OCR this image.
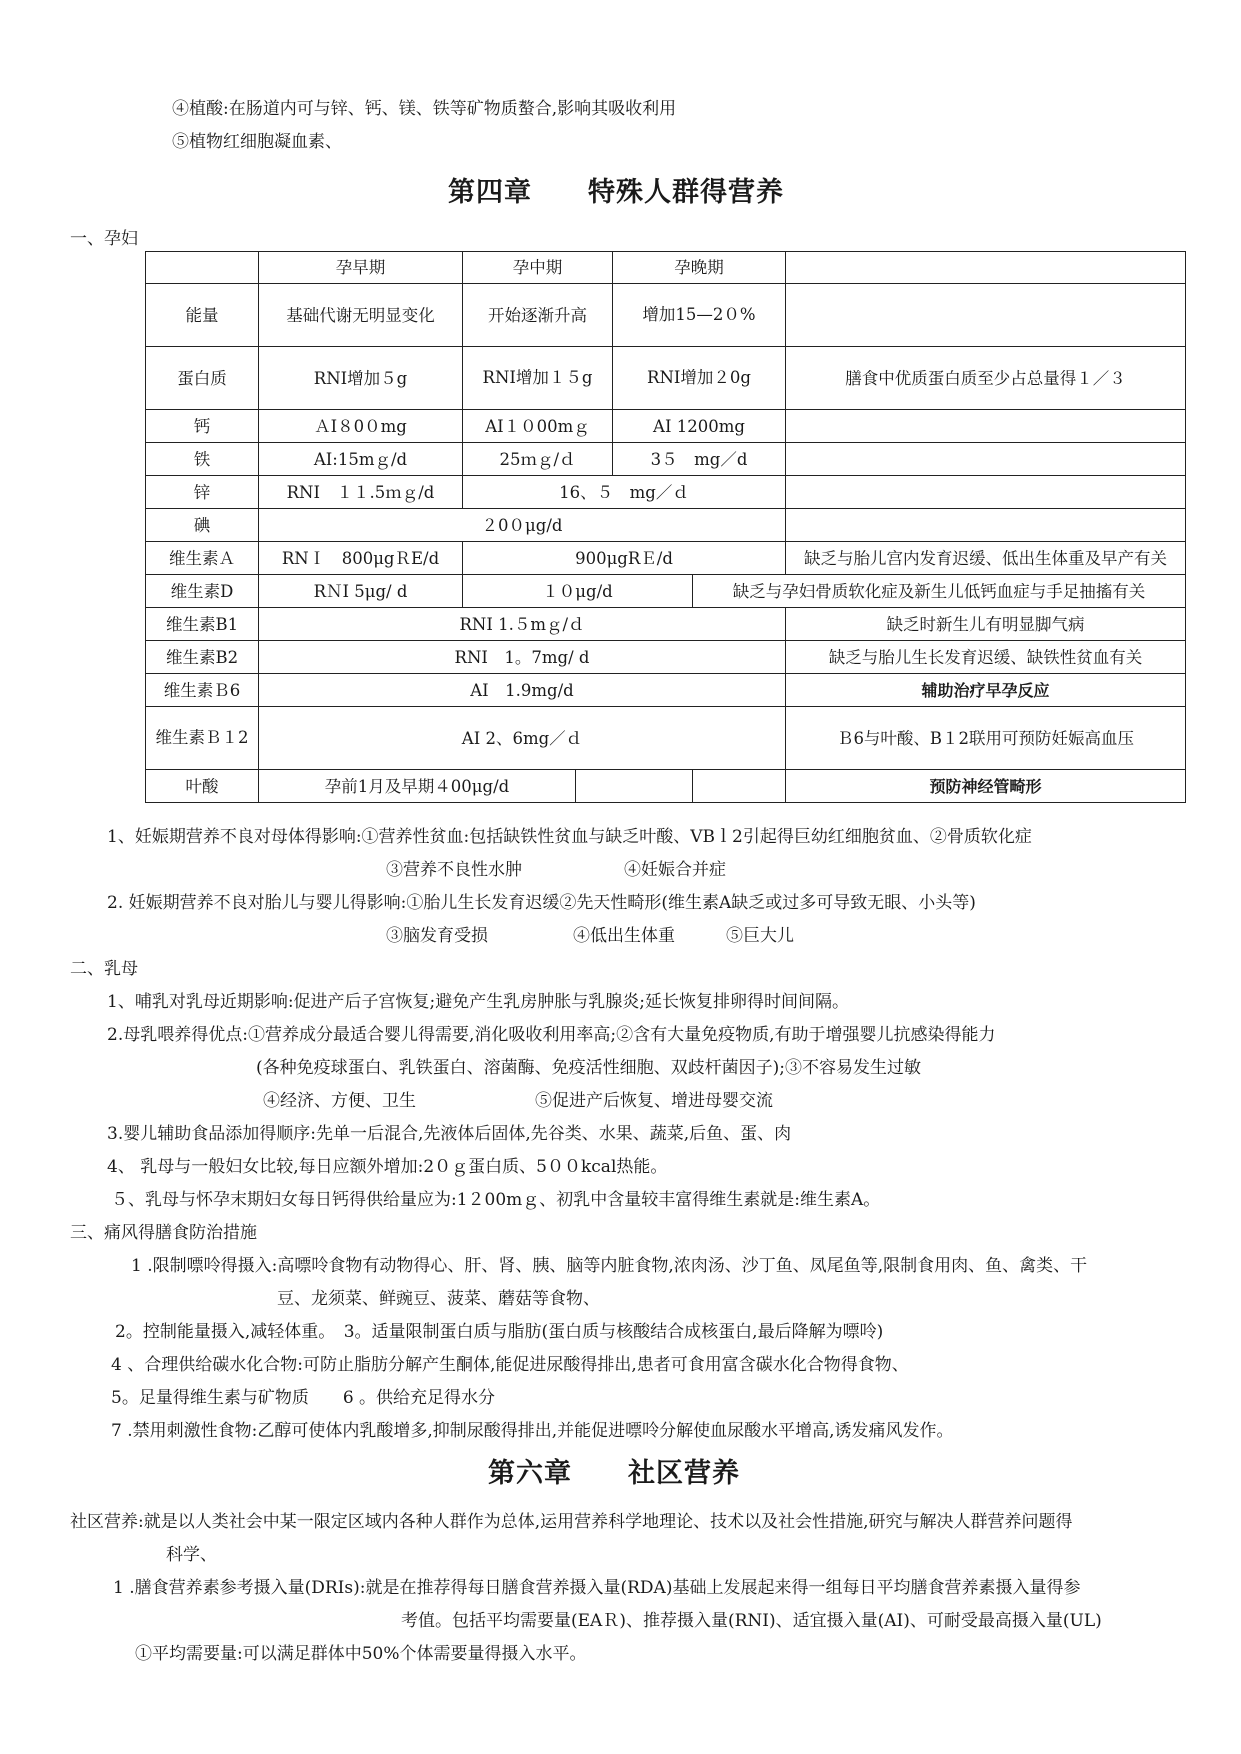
④植酸:在肠道内可与锌、钙、镁、铁等矿物质螯合,影响其吸收利用
⑤植物红细胞凝血素、
第四章　　特殊人群得营养
一、孕妇
	孕早期	孕中期		孕晚期		
能量	基础代谢无明显变化	开始逐渐升高		增加15—2０%		
蛋白质	RNI增加５g	RNI增加１５g		RNI增加２0g		膳食中优质蛋白质至少占总量得１／３
钙	ＡI８0０mg	AI１０00mｇ		AI 1200mg		
铁	AI:15mｇ/d	25ｍｇ/ｄ		3５　mg／d		
锌	RNI　１１.5ｍｇ/d	16、５　mg／ｄ				
碘	２0０μg/d					
维生素Ａ	RNＩ　800μgＲE/d	900μgRＥ/d				缺乏与胎儿宫内发育迟缓、低出生体重及早产有关
维生素D	RＮI 5μg/ d	１０μg/d			缺乏与孕妇骨质软化症及新生儿低钙血症与手足抽搐有关	
维生素B1	RNI 1.５mｇ/ｄ					缺乏时新生儿有明显脚气病
维生素B2	RNI　1。7mg/ d					缺乏与胎儿生长发育迟缓、缺铁性贫血有关
维生素Ｂ6	AI　1.9mg/d					辅助治疗早孕反应
维生素Ｂ１2	AI 2、6mg／ｄ					Ｂ6与叶酸、B１2联用可预防妊娠高血压
叶酸	孕前1月及早期４00μg/d					预防神经管畸形
1、妊娠期营养不良对母体得影响:①营养性贫血:包括缺铁性贫血与缺乏叶酸、VBｌ2引起得巨幼红细胞贫血、②骨质软化症
③营养不良性水肿　　　　　　④妊娠合并症
2. 妊娠期营养不良对胎儿与婴儿得影响:①胎儿生长发育迟缓②先天性畸形(维生素A缺乏或过多可导致无眼、小头等)
③脑发育受损　　　　　④低出生体重　　　⑤巨大儿
二、乳母
1、哺乳对乳母近期影响:促进产后子宫恢复;避免产生乳房肿胀与乳腺炎;延长恢复排卵得时间间隔。
2.母乳喂养得优点:①营养成分最适合婴儿得需要,消化吸收利用率高;②含有大量免疫物质,有助于增强婴儿抗感染得能力
(各种免疫球蛋白、乳铁蛋白、溶菌酶、免疫活性细胞、双歧杆菌因子);③不容易发生过敏
④经济、方便、卫生　　　　　　　⑤促进产后恢复、增进母婴交流
3.婴儿辅助食品添加得顺序:先单一后混合,先液体后固体,先谷类、水果、蔬菜,后鱼、蛋、肉
4、 乳母与一般妇女比较,每日应额外增加:2０ｇ蛋白质、5００kcal热能。
５、乳母与怀孕末期妇女每日钙得供给量应为:1２00mｇ、初乳中含量较丰富得维生素就是:维生素A。
三、痛风得膳食防治措施
1 .限制嘌呤得摄入:高嘌呤食物有动物得心、肝、肾、胰、脑等内脏食物,浓肉汤、沙丁鱼、凤尾鱼等,限制食用肉、鱼、禽类、干
豆、龙须菜、鲜豌豆、菠菜、蘑菇等食物、
2。控制能量摄入,减轻体重。　3。适量限制蛋白质与脂肪(蛋白质与核酸结合成核蛋白,最后降解为嘌呤)
4 、合理供给碳水化合物:可防止脂肪分解产生酮体,能促进尿酸得排出,患者可食用富含碳水化合物得食物、
5。足量得维生素与矿物质　　6 。供给充足得水分
7 .禁用刺激性食物:乙醇可使体内乳酸增多,抑制尿酸得排出,并能促进嘌呤分解使血尿酸水平增高,诱发痛风发作。
第六章　　社区营养
社区营养:就是以人类社会中某一限定区域内各种人群作为总体,运用营养科学地理论、技术以及社会性措施,研究与解决人群营养问题得
科学、
1 .膳食营养素参考摄入量(DRIs):就是在推荐得每日膳食营养摄入量(RDA)基础上发展起来得一组每日平均膳食营养素摄入量得参
考值。包括平均需要量(EAＲ)、推荐摄入量(RNI)、适宜摄入量(AI)、可耐受最高摄入量(UL)
①平均需要量:可以满足群体中50%个体需要量得摄入水平。
